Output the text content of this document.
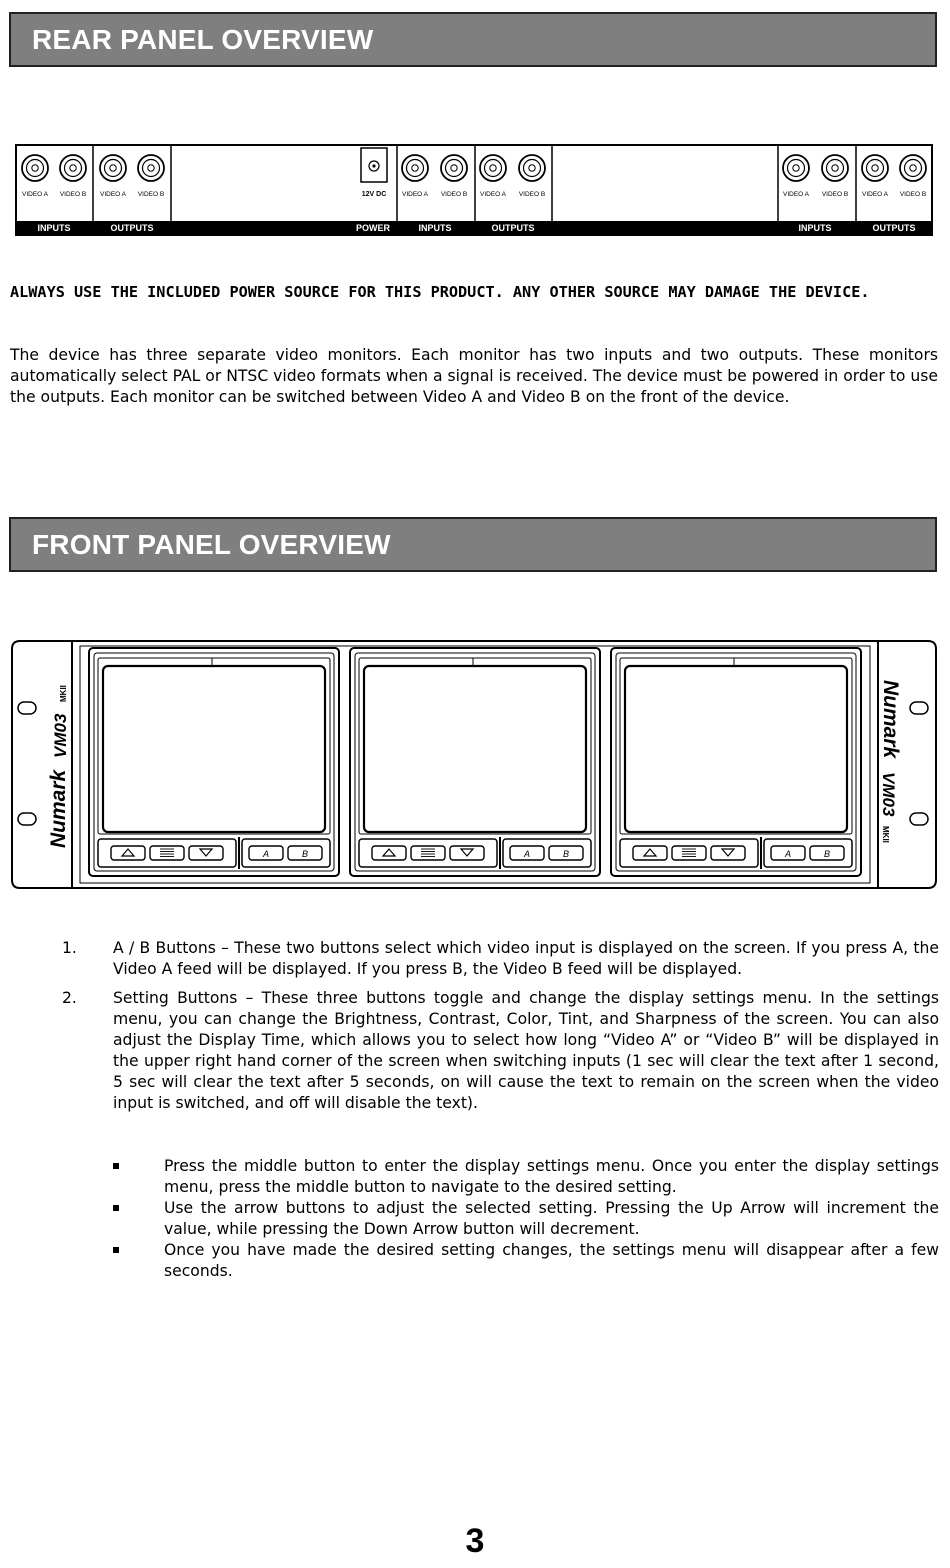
REAR PANEL OVERVIEW
VIDEO A VIDEO B
INPUTS
VIDEO A VIDEO B
OUTPUTS
12V DC
POWER
VIDEO A VIDEO B
INPUTS
VIDEO A VIDEO B
OUTPUTS
VIDEO A VIDEO B
INPUTS
VIDEO A VIDEO B
OUTPUTS
ALWAYS USE THE INCLUDED POWER SOURCE FOR THIS PRODUCT. ANY OTHER SOURCE MAY DAMAGE THE DEVICE.
The device has three separate video monitors. Each monitor has two inputs and two outputs. These monitors automatically select PAL or NTSC video formats when a signal is received. The device must be powered in order to use the outputs. Each monitor can be switched between Video A and Video B on the front of the device.
FRONT PANEL OVERVIEW
Numark
VM03
MKII	Numark
VM03
MKII
A	B	A	B	A	B
1. A / B Buttons – These two buttons select which video input is displayed on the screen. If you press A, the Video A feed will be displayed. If you press B, the Video B feed will be displayed.
2. Setting Buttons – These three buttons toggle and change the display settings menu. In the settings menu, you can change the Brightness, Contrast, Color, Tint, and Sharpness of the screen. You can also adjust the Display Time, which allows you to select how long “Video A” or “Video B” will be displayed in the upper right hand corner of the screen when switching inputs (1 sec will clear the text after 1 second, 5 sec will clear the text after 5 seconds, on will cause the text to remain on the screen when the video input is switched, and off will disable the text).
Press the middle button to enter the display settings menu. Once you enter the display settings menu, press the middle button to navigate to the desired setting.
Use the arrow buttons to adjust the selected setting. Pressing the Up Arrow will increment the value, while pressing the Down Arrow button will decrement.
Once you have made the desired setting changes, the settings menu will disappear after a few seconds.
3
